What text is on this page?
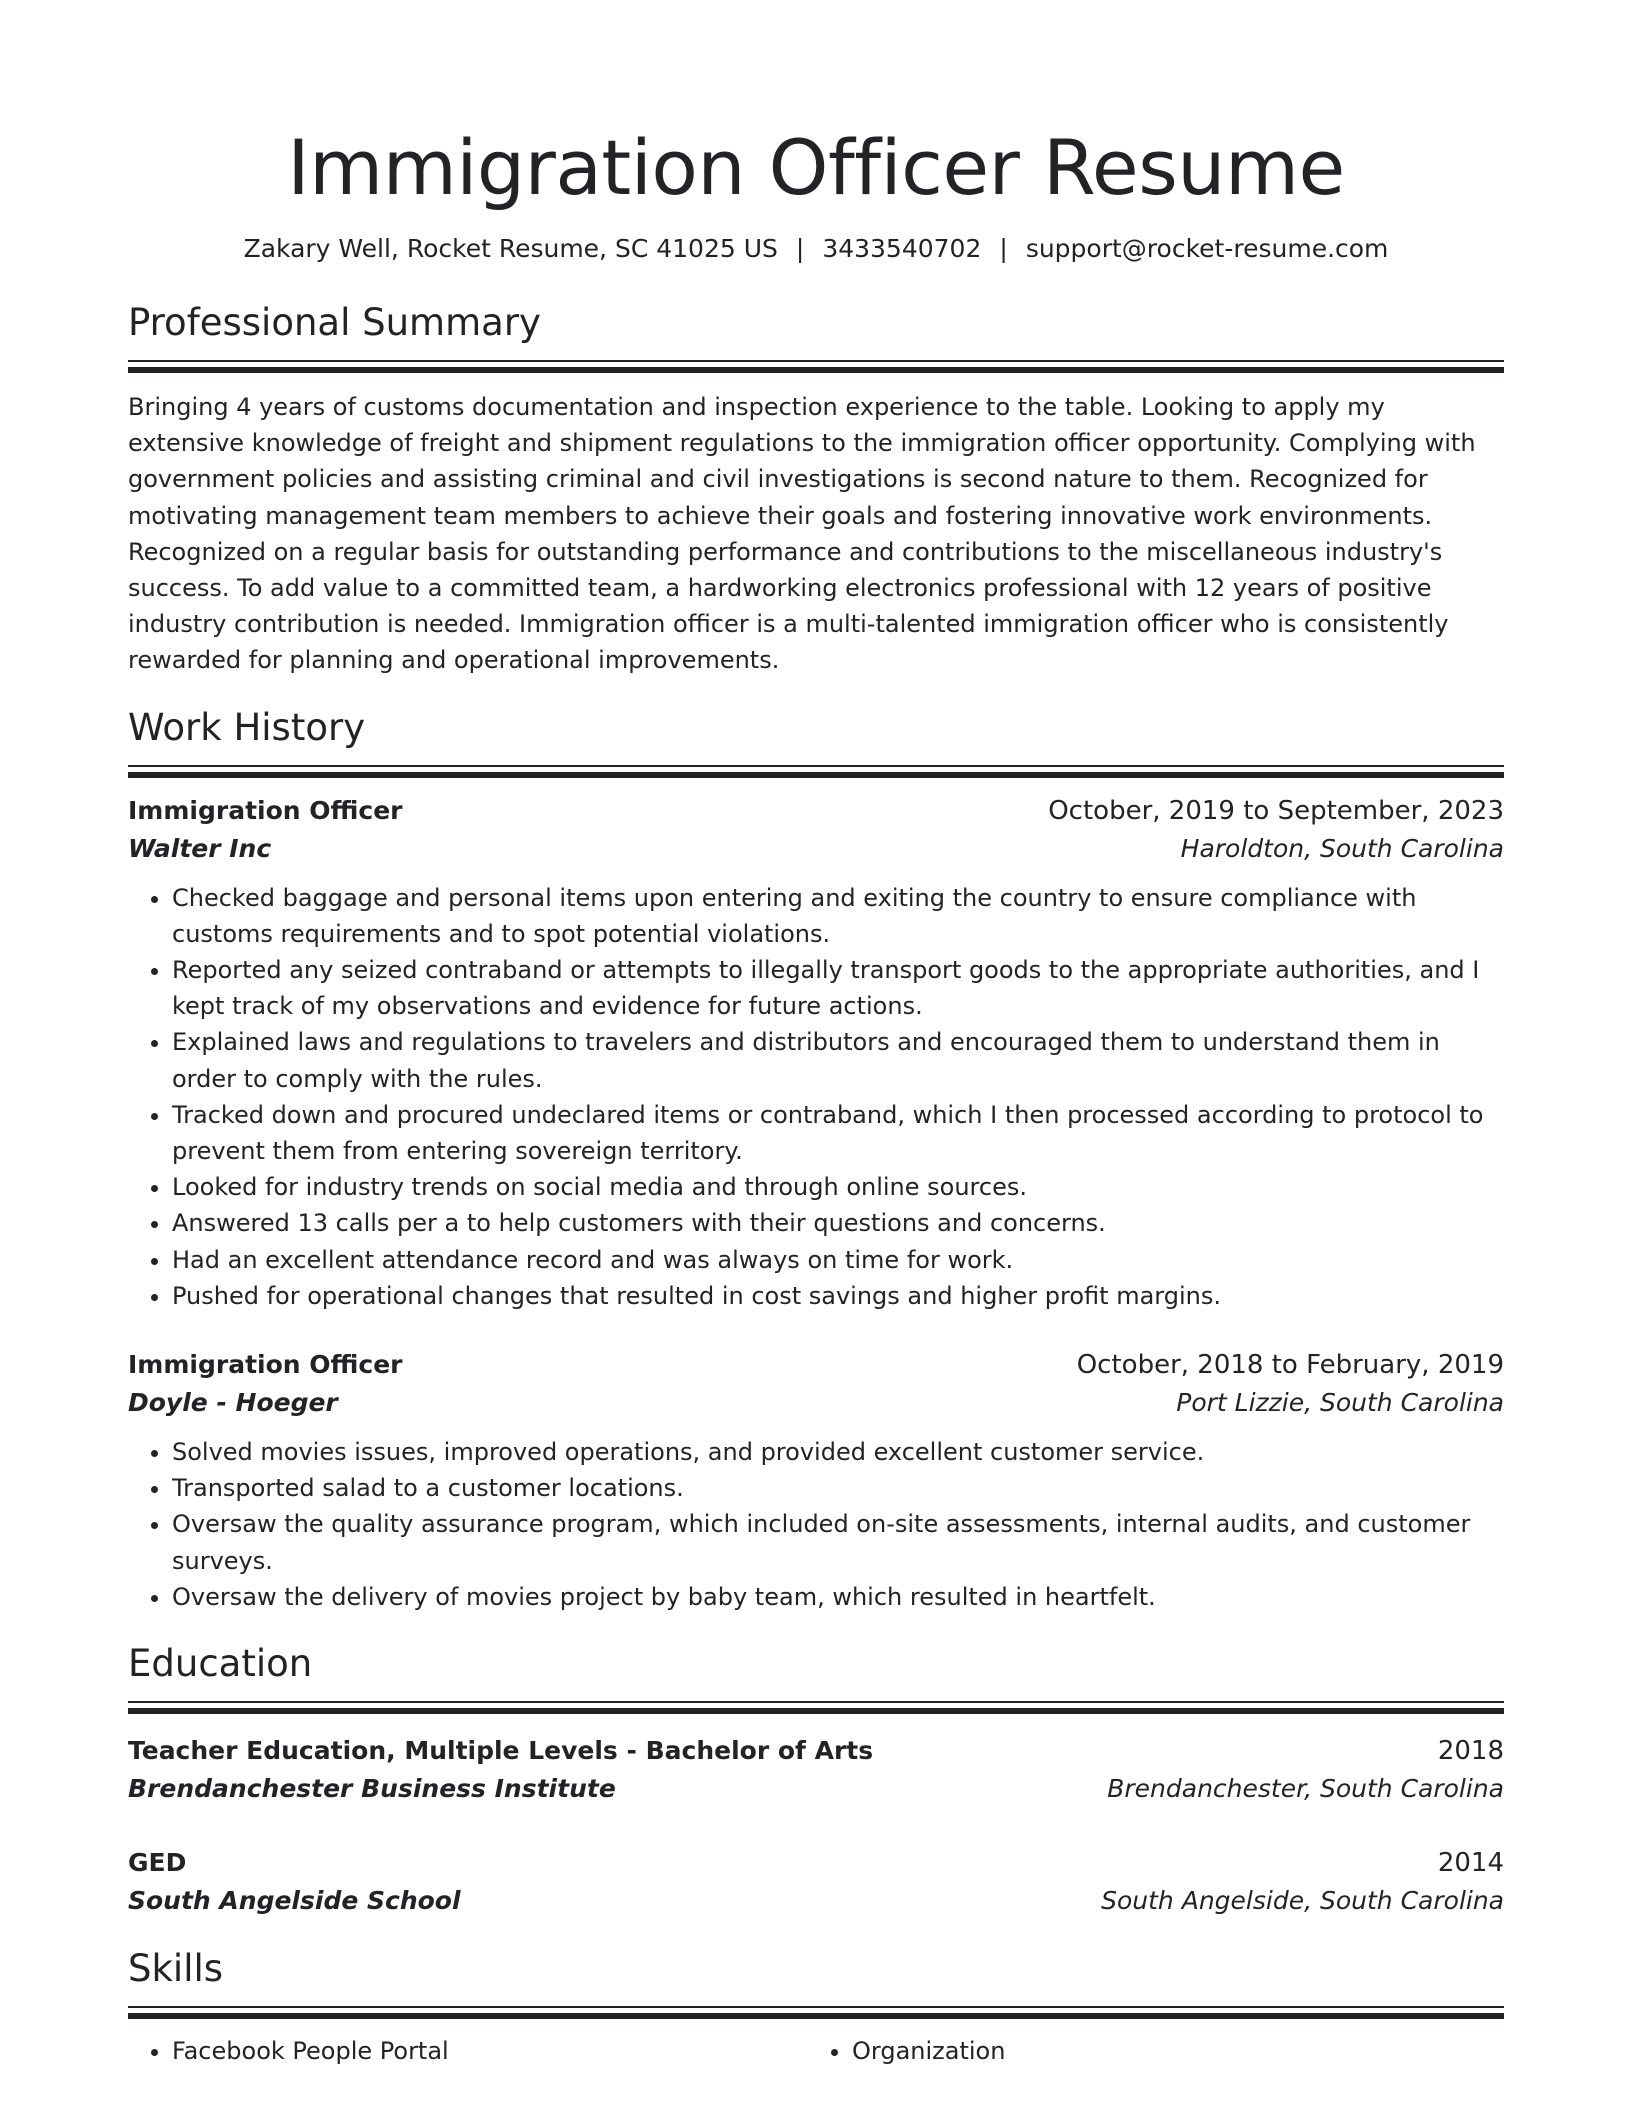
Immigration Officer Resume
Zakary Well, Rocket Resume, SC 41025 US | 3433540702 | support@rocket-resume.com
Professional Summary
Bringing 4 years of customs documentation and inspection experience to the table. Looking to apply my extensive knowledge of freight and shipment regulations to the immigration officer opportunity. Complying with government policies and assisting criminal and civil investigations is second nature to them. Recognized for motivating management team members to achieve their goals and fostering innovative work environments. Recognized on a regular basis for outstanding performance and contributions to the miscellaneous industry's success. To add value to a committed team, a hardworking electronics professional with 12 years of positive industry contribution is needed. Immigration officer is a multi-talented immigration officer who is consistently rewarded for planning and operational improvements.
Work History
Immigration Officer	October, 2019 to September, 2023
Walter Inc	Haroldton, South Carolina
• Checked baggage and personal items upon entering and exiting the country to ensure compliance with customs requirements and to spot potential violations.
• Reported any seized contraband or attempts to illegally transport goods to the appropriate authorities, and I kept track of my observations and evidence for future actions.
• Explained laws and regulations to travelers and distributors and encouraged them to understand them in order to comply with the rules.
• Tracked down and procured undeclared items or contraband, which I then processed according to protocol to prevent them from entering sovereign territory.
• Looked for industry trends on social media and through online sources.
• Answered 13 calls per a to help customers with their questions and concerns.
• Had an excellent attendance record and was always on time for work.
• Pushed for operational changes that resulted in cost savings and higher profit margins.
Immigration Officer	October, 2018 to February, 2019
Doyle - Hoeger	Port Lizzie, South Carolina
• Solved movies issues, improved operations, and provided excellent customer service.
• Transported salad to a customer locations.
• Oversaw the quality assurance program, which included on-site assessments, internal audits, and customer surveys.
• Oversaw the delivery of movies project by baby team, which resulted in heartfelt.
Education
Teacher Education, Multiple Levels - Bachelor of Arts	2018
Brendanchester Business Institute	Brendanchester, South Carolina
GED	2014
South Angelside School	South Angelside, South Carolina
Skills
• Facebook People Portal
•	Organization
